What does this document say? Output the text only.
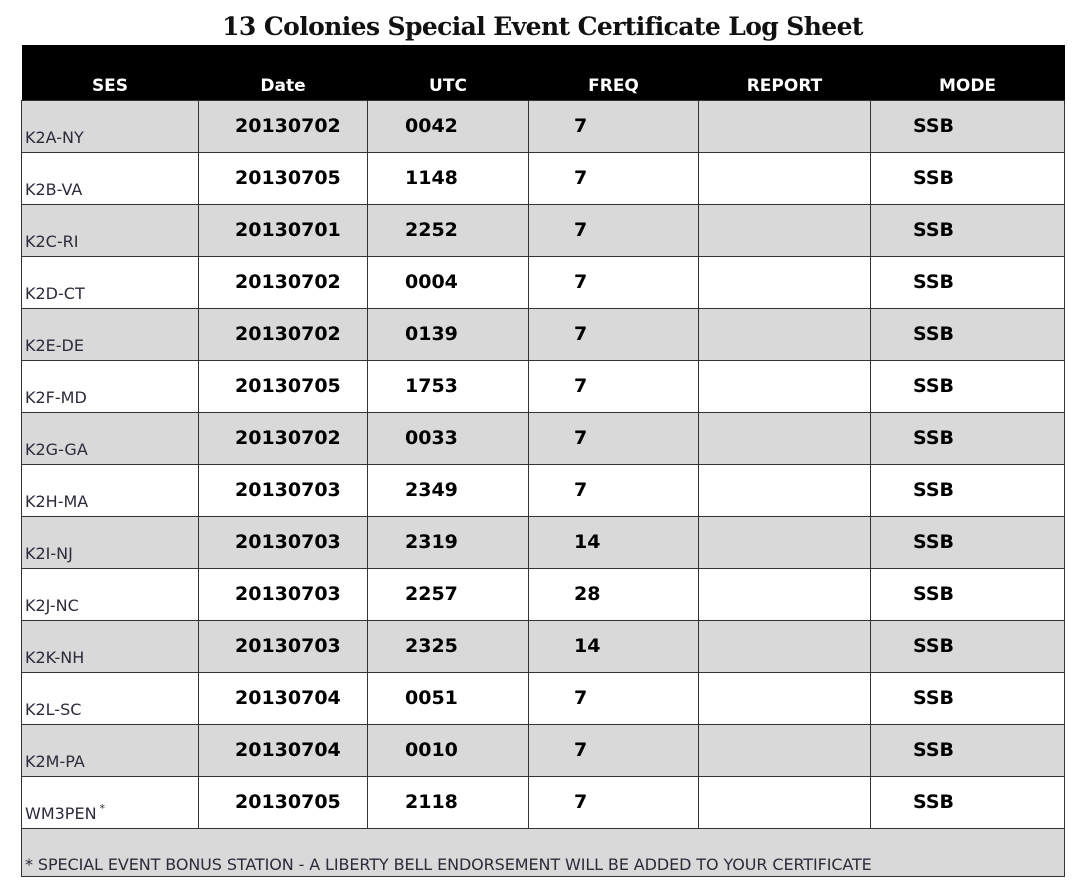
13 Colonies Special Event Certificate Log Sheet
SES	Date	UTC	FREQ	REPORT	MODE
K2A-NY	20130702	0042	7		SSB
K2B-VA	20130705	1148	7		SSB
K2C-RI	20130701	2252	7		SSB
K2D-CT	20130702	0004	7		SSB
K2E-DE	20130702	0139	7		SSB
K2F-MD	20130705	1753	7		SSB
K2G-GA	20130702	0033	7		SSB
K2H-MA	20130703	2349	7		SSB
K2I-NJ	20130703	2319	14		SSB
K2J-NC	20130703	2257	28		SSB
K2K-NH	20130703	2325	14		SSB
K2L-SC	20130704	0051	7		SSB
K2M-PA	20130704	0010	7		SSB
WM3PEN *	20130705	2118	7		SSB
* SPECIAL EVENT BONUS STATION - A LIBERTY BELL ENDORSEMENT WILL BE ADDED TO YOUR CERTIFICATE					
